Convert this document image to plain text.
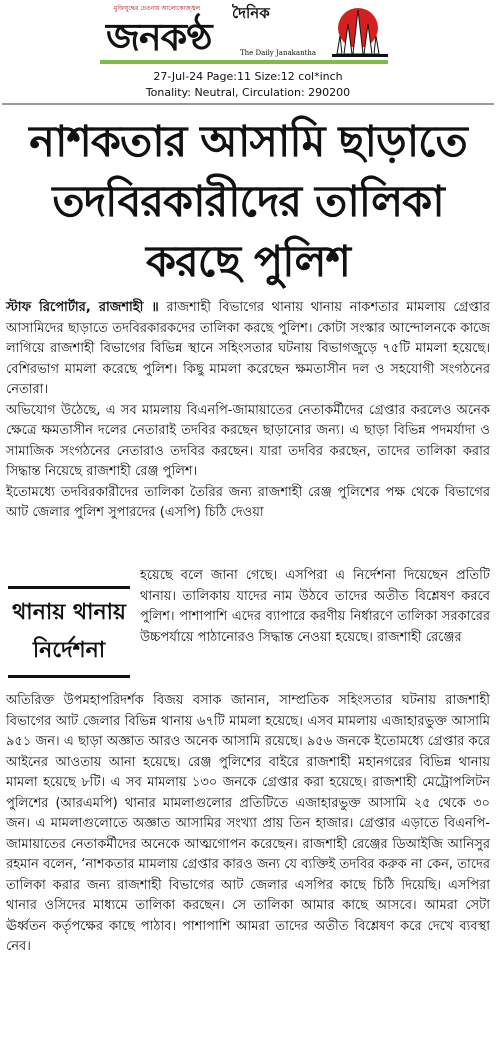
মুক্তিযুদ্ধের চেতনায় আলোকোজ্জ্বল দৈনিক
জনকণ্ঠ	The Daily Janakantha
27-Jul-24 Page:11 Size:12 col*inch
Tonality: Neutral, Circulation: 290200
নাশকতার আসামি ছাড়াতে
তদবিরকারীদের তালিকা
করছে পুলিশ

স্টাফ রিপোর্টার, রাজশাহী ॥ রাজশাহী বিভাগের থানায় থানায় নাকশতার মামলায় গ্রেপ্তার আসামিদের ছাড়াতে তদবিরকারকদের তালিকা করছে পুলিশ। কোটা সংস্কার আন্দোলনকে কাজে লাগিয়ে রাজশাহী বিভাগের বিভিন্ন স্থানে সহিংসতার ঘটনায় বিভাগজুড়ে ৭৫টি মামলা হয়েছে। বেশিরভাগ মামলা করেছে পুলিশ। কিছু মামলা করেছেন ক্ষমতাসীন দল ও সহযোগী সংগঠনের নেতারা।

অভিযোগ উঠেছে, এ সব মামলায় বিএনপি-জামায়াতের নেতাকর্মীদের গ্রেপ্তার করলেও অনেক ক্ষেত্রে ক্ষমতাসীন দলের নেতারাই তদবির করছেন ছাড়ানোর জন্য। এ ছাড়া বিভিন্ন পদমর্যাদা ও সামাজিক সংগঠনের নেতারাও তদবির করছেন। যারা তদবির করছেন, তাদের তালিকা করার সিদ্ধান্ত নিয়েছে রাজশাহী রেঞ্জ পুলিশ।

ইতোমধ্যে তদবিরকারীদের তালিকা তৈরির জন্য রাজশাহী রেঞ্জ পুলিশের পক্ষ থেকে বিভাগের আট জেলার পুলিশ সুপারদের (এসপি) চিঠি দেওয়া

থানায় থানায়
নির্দেশনা

হয়েছে বলে জানা গেছে। এসপিরা এ নির্দেশনা দিয়েছেন প্রতিটি থানায়। তালিকায় যাদের নাম উঠবে তাদের অতীত বিশ্লেষণ করবে পুলিশ। পাশাপাশি এদের ব্যাপারে করণীয় নির্ধারণে তালিকা সরকারের উচ্চপর্যায়ে পাঠানোরও সিদ্ধান্ত নেওয়া হয়েছে। রাজশাহী রেঞ্জের

অতিরিক্ত উপমহাপরিদর্শক বিজয় বসাক জানান, সাম্প্রতিক সহিংসতার ঘটনায় রাজশাহী বিভাগের আট জেলার বিভিন্ন থানায় ৬৭টি মামলা হয়েছে। এসব মামলায় এজাহারভুক্ত আসামি ৯৫১ জন। এ ছাড়া অজ্ঞাত আরও অনেক আসামি রয়েছে। ৯৫৬ জনকে ইতোমধ্যে গ্রেপ্তার করে আইনের আওতায় আনা হয়েছে। রেঞ্জ পুলিশের বাইরে রাজশাহী মহানগরের বিভিন্ন থানায় মামলা হয়েছে ৮টি। এ সব মামলায় ১৩০ জনকে গ্রেপ্তার করা হয়েছে। রাজশাহী মেট্রোপলিটন পুলিশের (আরএমপি) থানার মামলাগুলোর প্রতিটিতে এজাহারভুক্ত আসামি ২৫ থেকে ৩০ জন। এ মামলাগুলোতে অজ্ঞাত আসামির সংখ্যা প্রায় তিন হাজার। গ্রেপ্তার এড়াতে বিএনপি-জামায়াতের নেতাকর্মীদের অনেকে আত্মগোপন করেছেন। রাজশাহী রেঞ্জের ডিআইজি আনিসুর রহমান বলেন, ‘নাশকতার মামলায় গ্রেপ্তার কারও জন্য যে ব্যক্তিই তদবির করুক না কেন, তাদের তালিকা করার জন্য রাজশাহী বিভাগের আট জেলার এসপির কাছে চিঠি দিয়েছি। এসপিরা থানার ওসিদের মাধ্যমে তালিকা করছেন। সে তালিকা আমার কাছে আসবে। আমরা সেটা ঊর্ধ্বতন কর্তৃপক্ষের কাছে পাঠাব। পাশাপাশি আমরা তাদের অতীত বিশ্লেষণ করে দেখে ব্যবস্থা নেব।
